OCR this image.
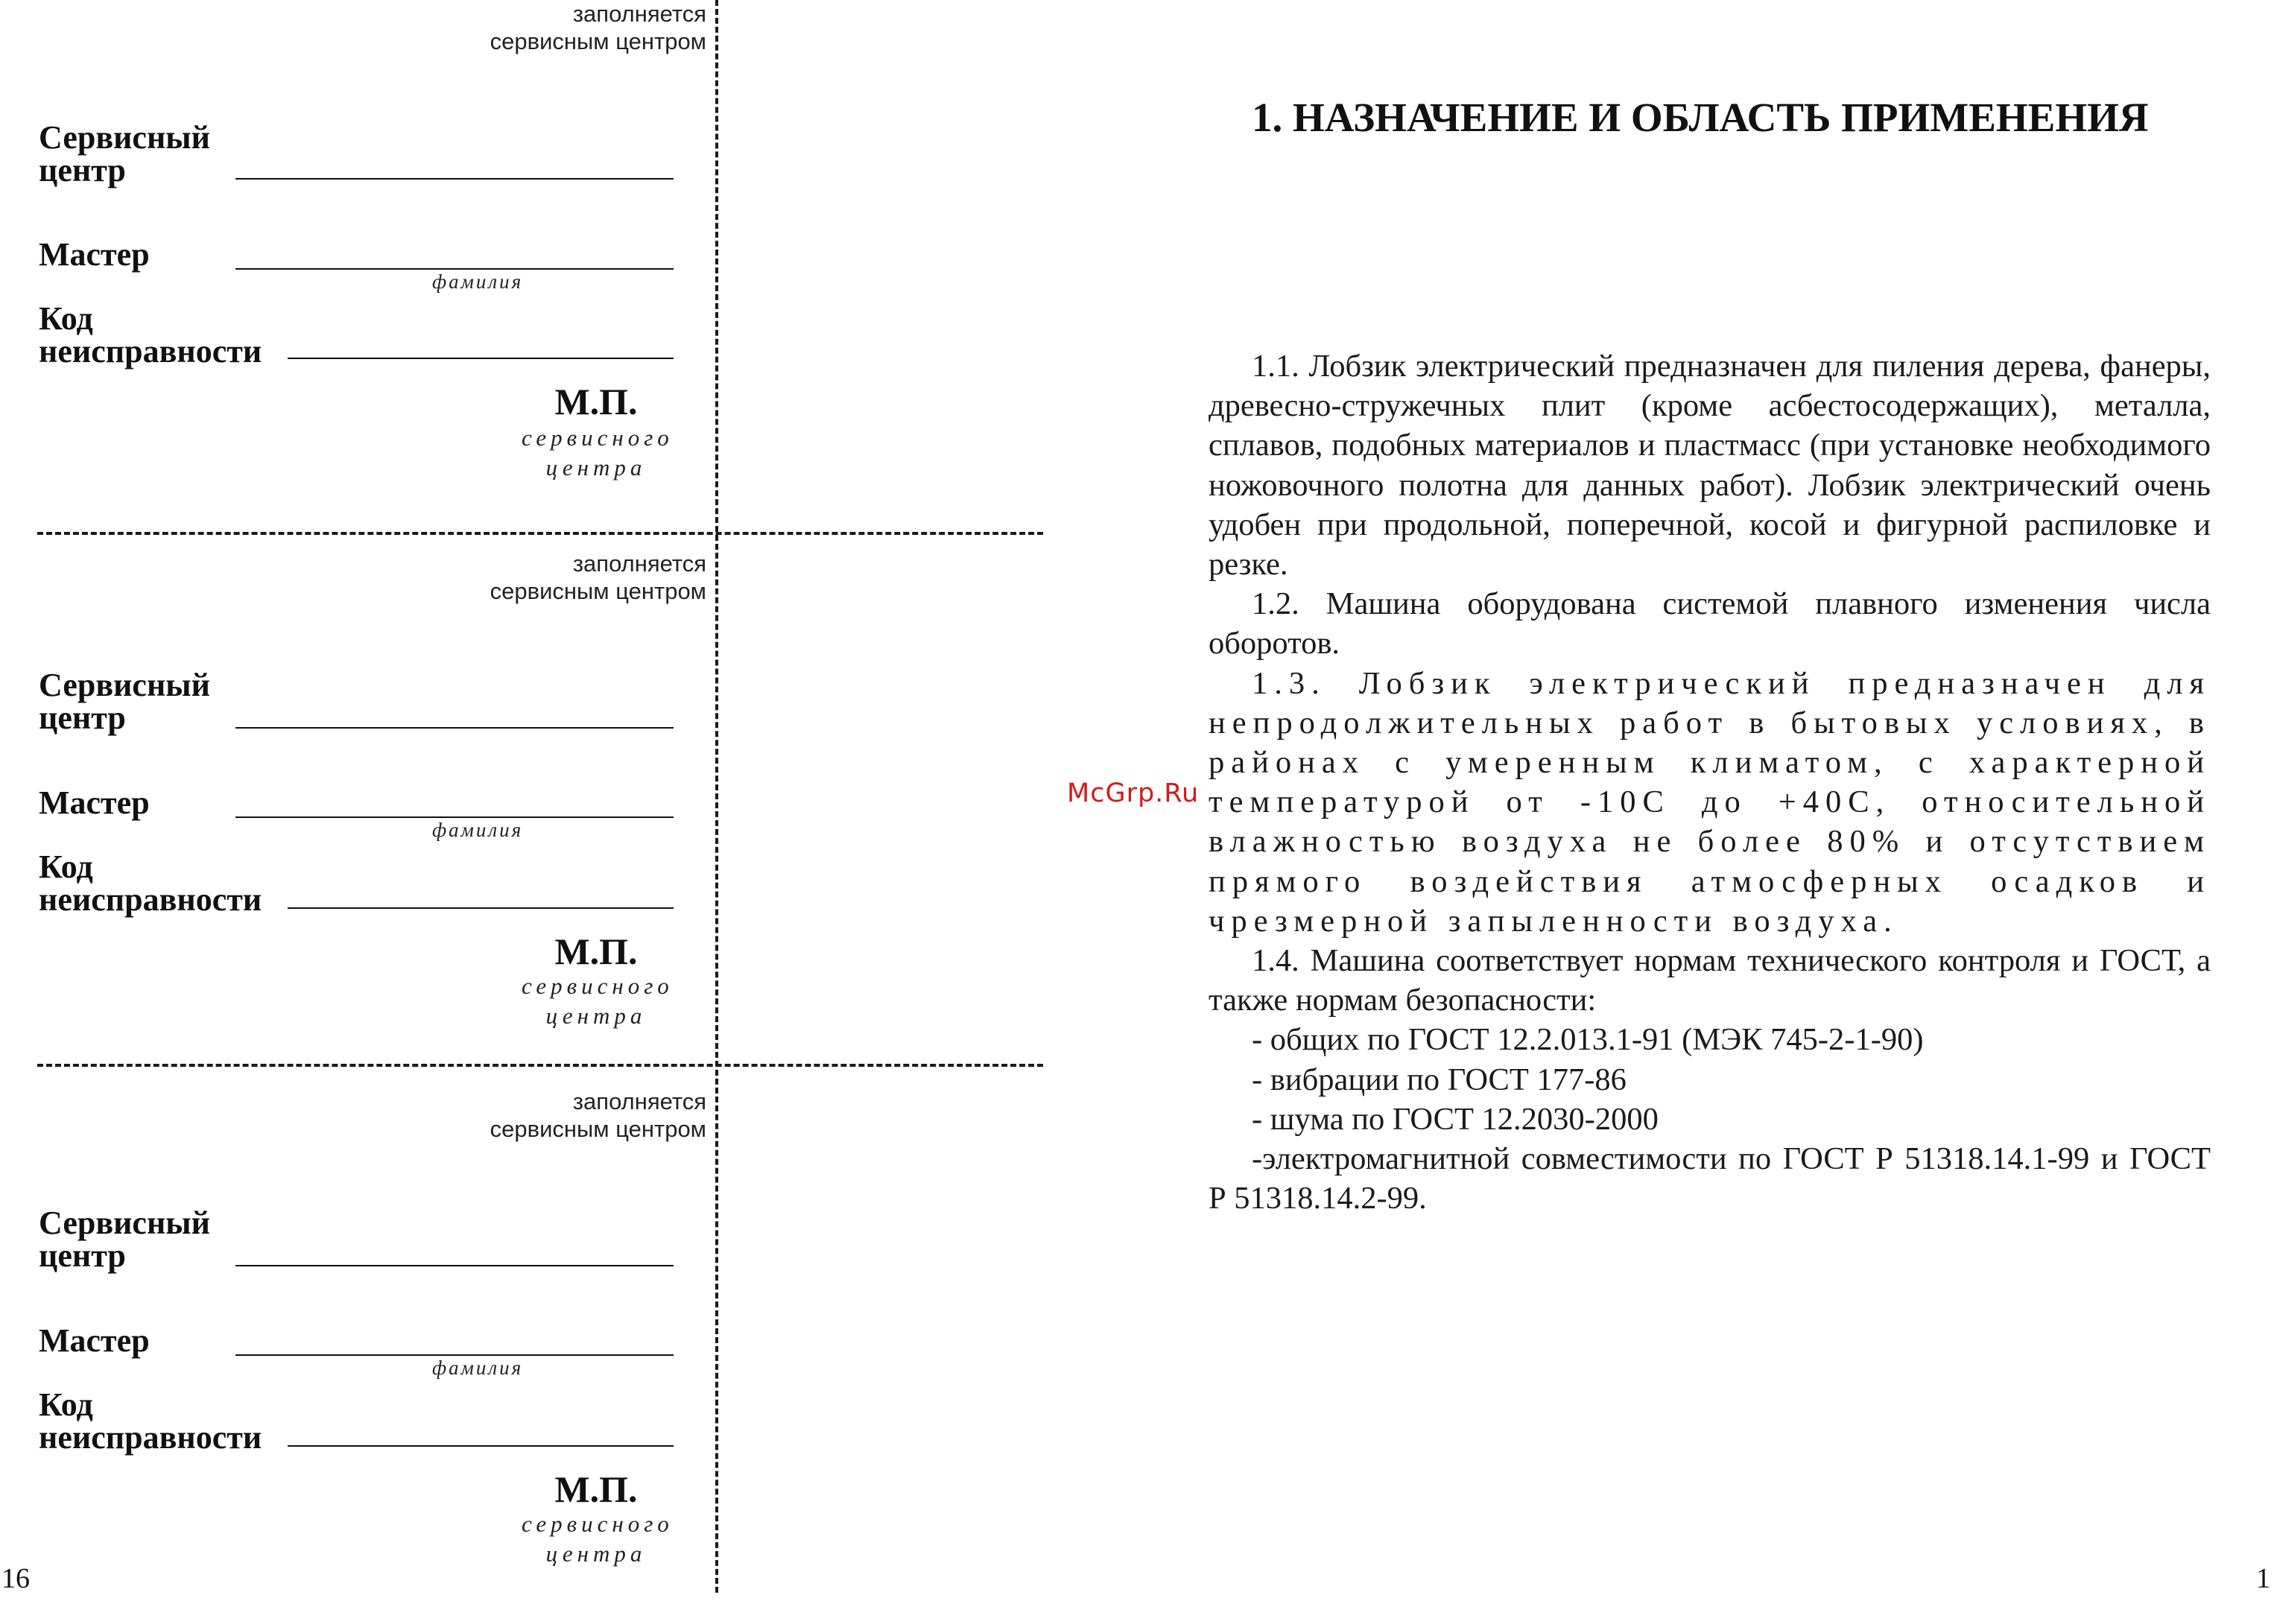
заполняется
сервисным центром
Сервисный
центр
Мастер
фамилия
Код
неисправности
М.П.
сервисного
центра
заполняется
сервисным центром
Сервисный
центр
Мастер
фамилия
Код
неисправности
М.П.
сервисного
центра
заполняется
сервисным центром
Сервисный
центр
Мастер
фамилия
Код
неисправности
М.П.
сервисного
центра
1. НАЗНАЧЕНИЕ И ОБЛАСТЬ ПРИМЕНЕНИЯ

1.1. Лобзик электрический предназначен для пиления дерева, фанеры, древесно-стружечных плит (кроме асбестосодержащих), металла, сплавов, подобных материалов и пластмасс (при установке необходимого ножовочного полотна для данных работ). Лобзик электрический очень удобен при продольной, поперечной, косой и фигурной распиловке и резке.

1.2. Машина оборудована системой плавного изменения числа оборотов.

1.3. Лобзик электрический предназначен для непродолжительных работ в бытовых условиях, в районах с умеренным климатом, с характерной температурой от -10С до +40С, относительной влажностью воздуха не более 80% и отсутствием прямого воздействия атмосферных осадков и чрезмерной запыленности воздуха.

1.4. Машина соответствует нормам технического контроля и ГОСТ, а также нормам безопасности:

- общих по ГОСТ 12.2.013.1-91 (МЭК 745-2-1-90)

- вибрации по ГОСТ 177-86

- шума по ГОСТ 12.2030-2000

-электромагнитной совместимости по ГОСТ Р 51318.14.1-99 и ГОСТ Р 51318.14.2-99.

McGrp.Ru
16	1
